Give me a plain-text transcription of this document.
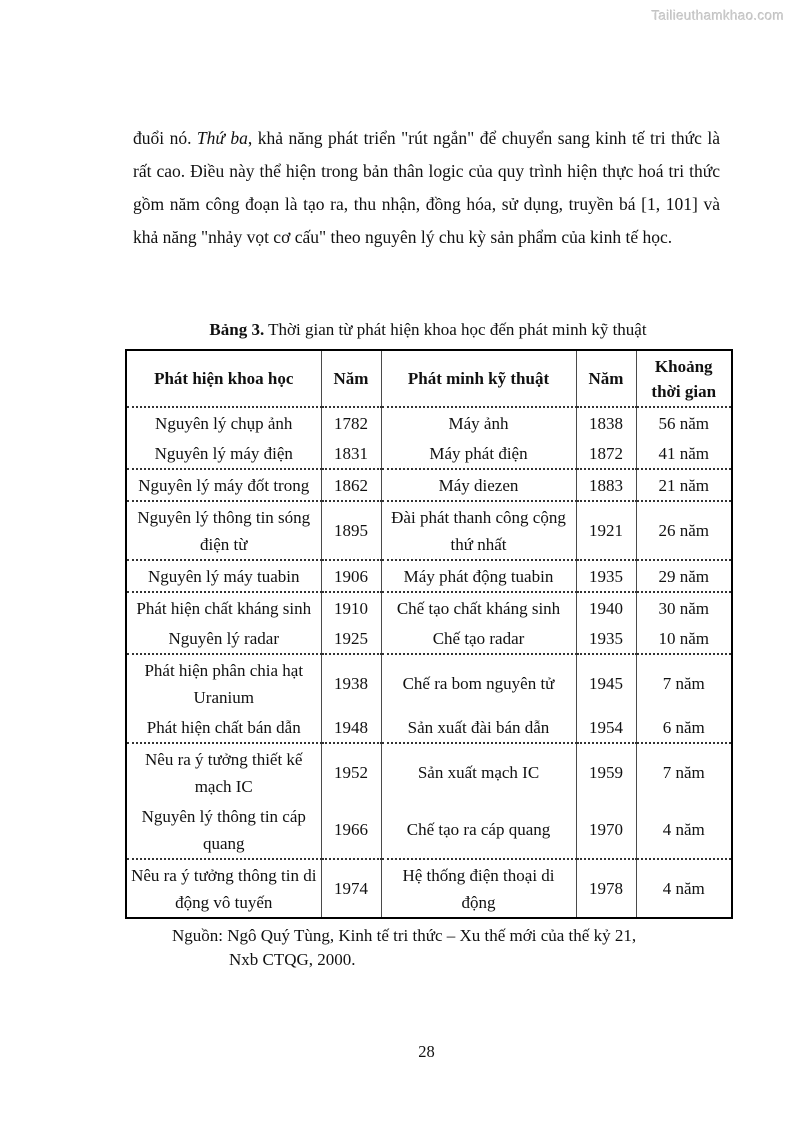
Tailieuthamkhao.com
đuổi nó. Thứ ba, khả năng phát triển "rút ngắn" để chuyển sang kinh tế tri thức là rất cao. Điều này thể hiện trong bản thân logic của quy trình hiện thực hoá tri thức gồm năm công đoạn là tạo ra, thu nhận, đồng hóa, sử dụng, truyền bá [1, 101] và khả năng "nhảy vọt cơ cấu" theo nguyên lý chu kỳ sản phẩm của kinh tế học.
Bảng 3. Thời gian từ phát hiện khoa học đến phát minh kỹ thuật
Phát hiện khoa học	Năm	Phát minh kỹ thuật	Năm	Khoảng thời gian
Nguyên lý chụp ảnh	1782	Máy ảnh	1838	56 năm
Nguyên lý máy điện	1831	Máy phát điện	1872	41 năm
Nguyên lý máy đốt trong	1862	Máy diezen	1883	21 năm
Nguyên lý thông tin sóng điện từ	1895	Đài phát thanh công cộng thứ nhất	1921	26 năm
Nguyên lý máy tuabin	1906	Máy phát động tuabin	1935	29 năm
Phát hiện chất kháng sinh	1910	Chế tạo chất kháng sinh	1940	30 năm
Nguyên lý radar	1925	Chế tạo radar	1935	10 năm
Phát hiện phân chia hạt Uranium	1938	Chế ra bom nguyên tử	1945	7 năm
Phát hiện chất bán dẫn	1948	Sản xuất đài bán dẫn	1954	6 năm
Nêu ra ý tưởng thiết kế mạch IC	1952	Sản xuất mạch IC	1959	7 năm
Nguyên lý thông tin cáp quang	1966	Chế tạo ra cáp quang	1970	4 năm
Nêu ra ý tưởng thông tin di động vô tuyến	1974	Hệ thống điện thoại di động	1978	4 năm
Nguồn: Ngô Quý Tùng, Kinh tế tri thức – Xu thế mới của thế kỷ 21,
Nxb CTQG, 2000.
28
